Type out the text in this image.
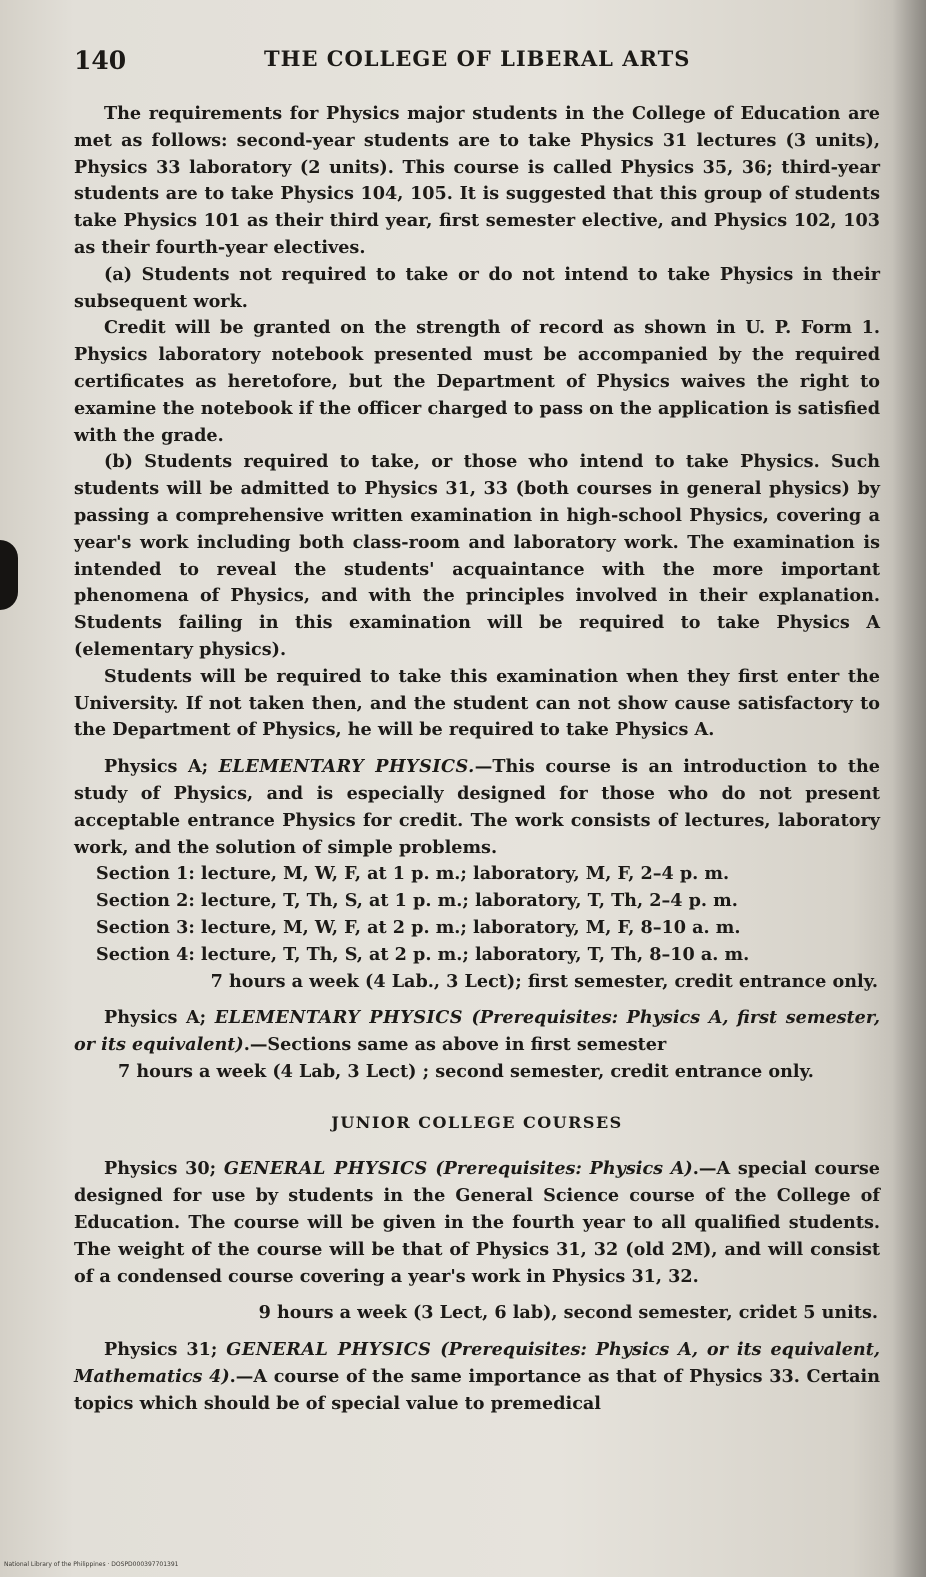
140	THE COLLEGE OF LIBERAL ARTS

The requirements for Physics major students in the College of Education are met as follows: second-year students are to take Physics 31 lectures (3 units), Physics 33 laboratory (2 units). This course is called Physics 35, 36; third-year students are to take Physics 104, 105. It is suggested that this group of students take Physics 101 as their third year, first semester elective, and Physics 102, 103 as their fourth-year electives.

(a) Students not required to take or do not intend to take Physics in their subsequent work.

Credit will be granted on the strength of record as shown in U. P. Form 1. Physics laboratory notebook presented must be accompanied by the required certificates as heretofore, but the Department of Physics waives the right to examine the notebook if the officer charged to pass on the application is satisfied with the grade.

(b) Students required to take, or those who intend to take Physics. Such students will be admitted to Physics 31, 33 (both courses in general physics) by passing a comprehensive written examination in high-school Physics, covering a year's work including both class-room and laboratory work. The examination is intended to reveal the students' acquaintance with the more important phenomena of Physics, and with the principles involved in their explanation. Students failing in this examination will be required to take Physics A (elementary physics).

Students will be required to take this examination when they first enter the University. If not taken then, and the student can not show cause satisfactory to the Department of Physics, he will be required to take Physics A.

Physics A; ELEMENTARY PHYSICS.—This course is an introduction to the study of Physics, and is especially designed for those who do not present acceptable entrance Physics for credit. The work consists of lectures, laboratory work, and the solution of simple problems.

Section 1: lecture, M, W, F, at 1 p. m.; laboratory, M, F, 2–4 p. m.

Section 2: lecture, T, Th, S, at 1 p. m.; laboratory, T, Th, 2–4 p. m.

Section 3: lecture, M, W, F, at 2 p. m.; laboratory, M, F, 8–10 a. m.

Section 4: lecture, T, Th, S, at 2 p. m.; laboratory, T, Th, 8–10 a. m.

7 hours a week (4 Lab., 3 Lect); first semester, credit entrance only.

Physics A; ELEMENTARY PHYSICS (Prerequisites: Physics A, first semester, or its equivalent).—Sections same as above in first semester

7 hours a week (4 Lab, 3 Lect) ; second semester, credit entrance only.

JUNIOR COLLEGE COURSES

Physics 30; GENERAL PHYSICS (Prerequisites: Physics A).—A special course designed for use by students in the General Science course of the College of Education. The course will be given in the fourth year to all qualified students. The weight of the course will be that of Physics 31, 32 (old 2M), and will consist of a condensed course covering a year's work in Physics 31, 32.

9 hours a week (3 Lect, 6 lab), second semester, cridet 5 units.

Physics 31; GENERAL PHYSICS (Prerequisites: Physics A, or its equivalent, Mathematics 4).—A course of the same importance as that of Physics 33. Certain topics which should be of special value to premedical

National Library of the Philippines · DOSPD000397701391
